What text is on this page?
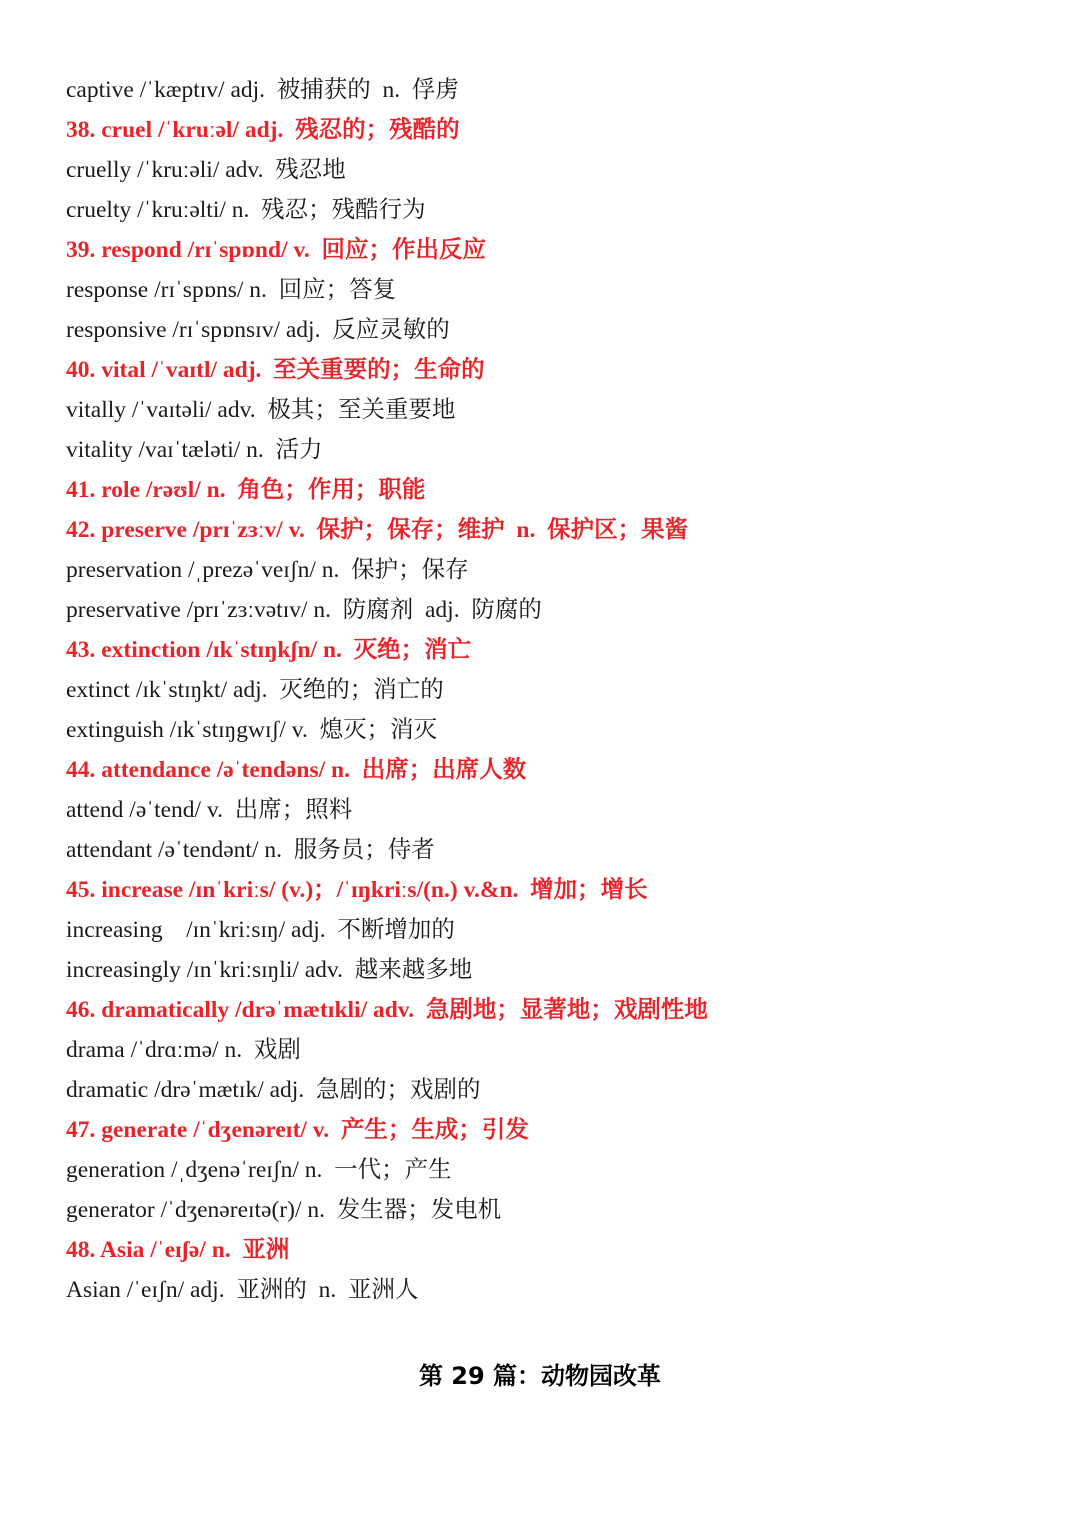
captive /ˈkæptɪv/ adj.  被捕获的  n.  俘虏
38. cruel /ˈkruːəl/ adj.  残忍的；残酷的
cruelly /ˈkruːəli/ adv.  残忍地
cruelty /ˈkruːəlti/ n.  残忍；残酷行为
39. respond /rɪˈspɒnd/ v.  回应；作出反应
response /rɪˈspɒns/ n.  回应；答复
responsive /rɪˈspɒnsɪv/ adj.  反应灵敏的
40. vital /ˈvaɪtl/ adj.  至关重要的；生命的
vitally /ˈvaɪtəli/ adv.  极其；至关重要地
vitality /vaɪˈtæləti/ n.  活力
41. role /rəʊl/ n.  角色；作用；职能
42. preserve /prɪˈzɜːv/ v.  保护；保存；维护  n.  保护区；果酱
preservation /ˌprezəˈveɪʃn/ n.  保护；保存
preservative /prɪˈzɜːvətɪv/ n.  防腐剂  adj.  防腐的
43. extinction /ɪkˈstɪŋkʃn/ n.  灭绝；消亡
extinct /ɪkˈstɪŋkt/ adj.  灭绝的；消亡的
extinguish /ɪkˈstɪŋgwɪʃ/ v.  熄灭；消灭
44. attendance /əˈtendəns/ n.  出席；出席人数
attend /əˈtend/ v.  出席；照料
attendant /əˈtendənt/ n.  服务员；侍者
45. increase /ɪnˈkriːs/ (v.)；/ˈɪŋkriːs/(n.) v.&n.  增加；增长
increasing    /ɪnˈkriːsɪŋ/ adj.  不断增加的
increasingly /ɪnˈkriːsɪŋli/ adv.  越来越多地
46. dramatically /drəˈmætɪkli/ adv.  急剧地；显著地；戏剧性地
drama /ˈdrɑːmə/ n.  戏剧
dramatic /drəˈmætɪk/ adj.  急剧的；戏剧的
47. generate /ˈdʒenəreɪt/ v.  产生；生成；引发
generation /ˌdʒenəˈreɪʃn/ n.  一代；产生
generator /ˈdʒenəreɪtə(r)/ n.  发生器；发电机
48. Asia /ˈeɪʃə/ n.  亚洲
Asian /ˈeɪʃn/ adj.  亚洲的  n.  亚洲人
第 29 篇：动物园改革
